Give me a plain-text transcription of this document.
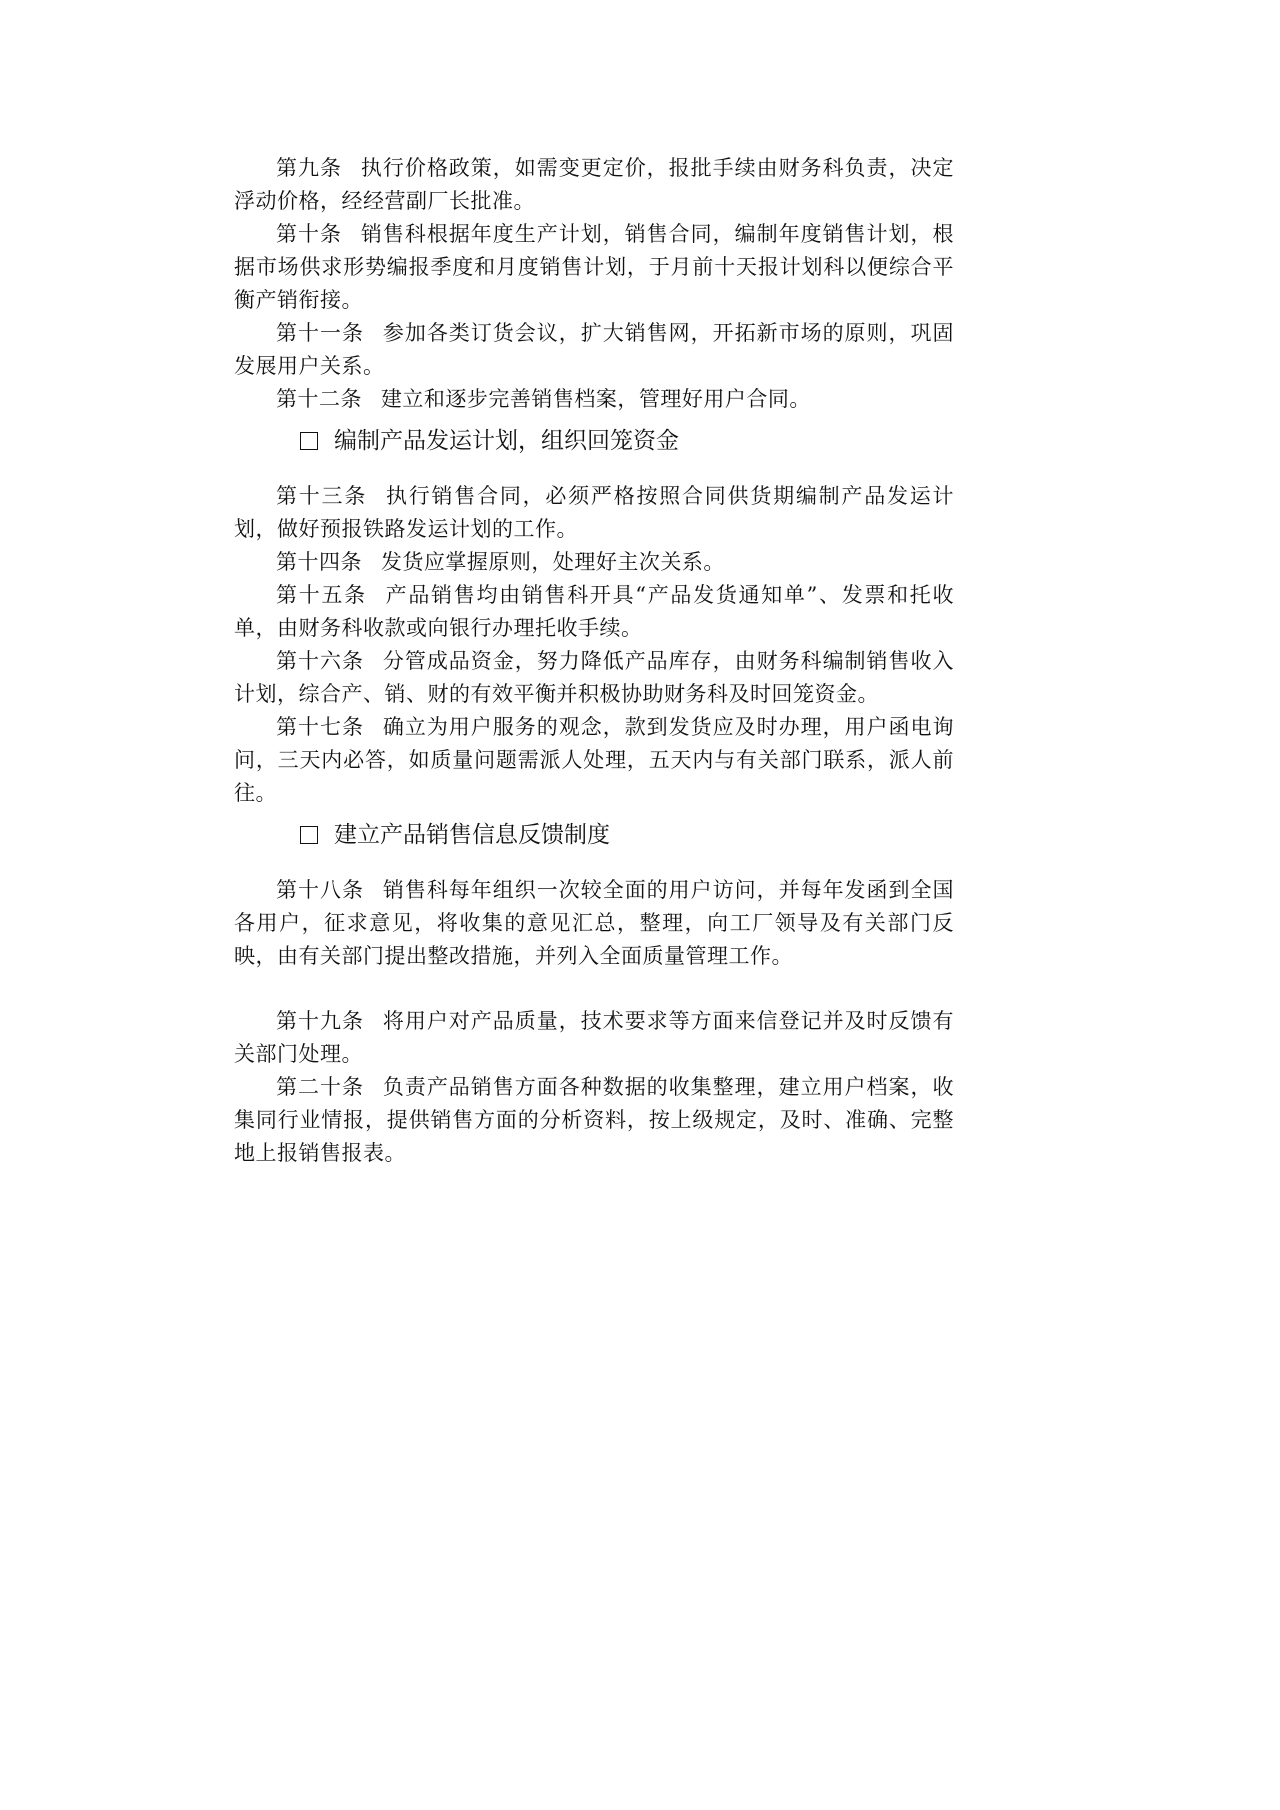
第九条 执行价格政策，如需变更定价，报批手续由财务科负责，决定浮动价格，经经营副厂长批准。

第十条 销售科根据年度生产计划，销售合同，编制年度销售计划，根据市场供求形势编报季度和月度销售计划，于月前十天报计划科以便综合平衡产销衔接。

第十一条 参加各类订货会议，扩大销售网，开拓新市场的原则，巩固发展用户关系。

第十二条 建立和逐步完善销售档案，管理好用户合同。

编制产品发运计划，组织回笼资金

第十三条 执行销售合同，必须严格按照合同供货期编制产品发运计划，做好预报铁路发运计划的工作。

第十四条 发货应掌握原则，处理好主次关系。

第十五条 产品销售均由销售科开具“产品发货通知单”、发票和托收单，由财务科收款或向银行办理托收手续。

第十六条 分管成品资金，努力降低产品库存，由财务科编制销售收入计划，综合产、销、财的有效平衡并积极协助财务科及时回笼资金。

第十七条 确立为用户服务的观念，款到发货应及时办理，用户函电询问，三天内必答，如质量问题需派人处理，五天内与有关部门联系，派人前往。

建立产品销售信息反馈制度

第十八条 销售科每年组织一次较全面的用户访问，并每年发函到全国各用户，征求意见，将收集的意见汇总，整理，向工厂领导及有关部门反映，由有关部门提出整改措施，并列入全面质量管理工作。

第十九条 将用户对产品质量，技术要求等方面来信登记并及时反馈有关部门处理。

第二十条 负责产品销售方面各种数据的收集整理，建立用户档案，收集同行业情报，提供销售方面的分析资料，按上级规定，及时、准确、完整地上报销售报表。
